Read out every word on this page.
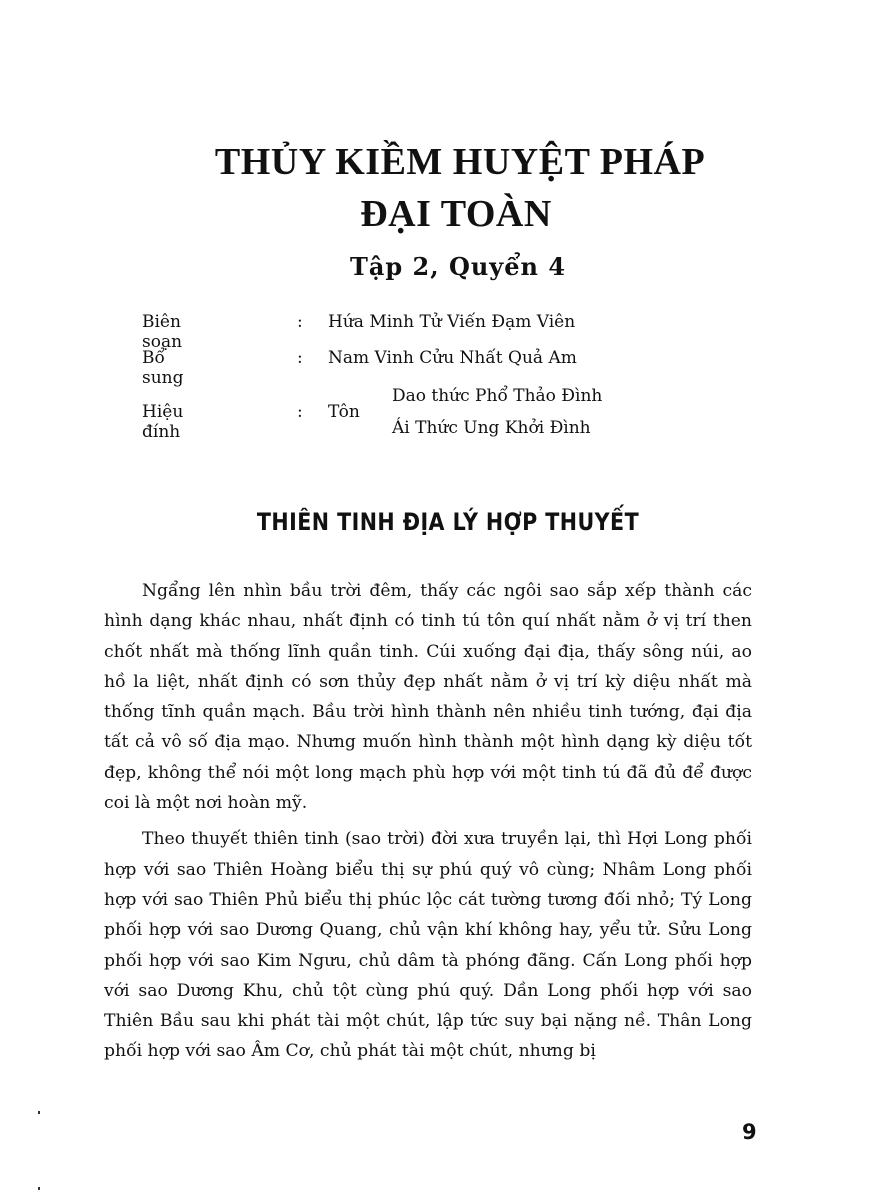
THỦY KIỀM HUYỆT PHÁP
ĐẠI TOÀN
Tập 2, Quyển 4
Biên soạn
: Hứa Minh Tử Viến Đạm Viên
Bổ sung
: Nam Vinh Cửu Nhất Quả Am
Hiệu đính
: Tôn
Dao thức Phổ Thảo Đình
Ái Thức Ung Khởi Đình
THIÊN TINH ĐỊA LÝ HỢP THUYẾT

Ngẩng lên nhìn bầu trời đêm, thấy các ngôi sao sắp xếp thành các hình dạng khác nhau, nhất định có tinh tú tôn quí nhất nằm ở vị trí then chốt nhất mà thống lĩnh quần tinh. Cúi xuống đại địa, thấy sông núi, ao hồ la liệt, nhất định có sơn thủy đẹp nhất nằm ở vị trí kỳ diệu nhất mà thống tĩnh quần mạch. Bầu trời hình thành nên nhiều tinh tướng, đại địa tất cả vô số địa mạo. Nhưng muốn hình thành một hình dạng kỳ diệu tốt đẹp, không thể nói một long mạch phù hợp với một tinh tú đã đủ để được coi là một nơi hoàn mỹ.

Theo thuyết thiên tinh (sao trời) đời xưa truyền lại, thì Hợi Long phối hợp với sao Thiên Hoàng biểu thị sự phú quý vô cùng; Nhâm Long phối hợp với sao Thiên Phủ biểu thị phúc lộc cát tường tương đối nhỏ; Tý Long phối hợp với sao Dương Quang, chủ vận khí không hay, yểu tử. Sửu Long phối hợp với sao Kim Ngưu, chủ dâm tà phóng đãng. Cấn Long phối hợp với sao Dương Khu, chủ tột cùng phú quý. Dần Long phối hợp với sao Thiên Bầu sau khi phát tài một chút, lập tức suy bại nặng nề. Thân Long phối hợp với sao Âm Cơ, chủ phát tài một chút, nhưng bị

9
